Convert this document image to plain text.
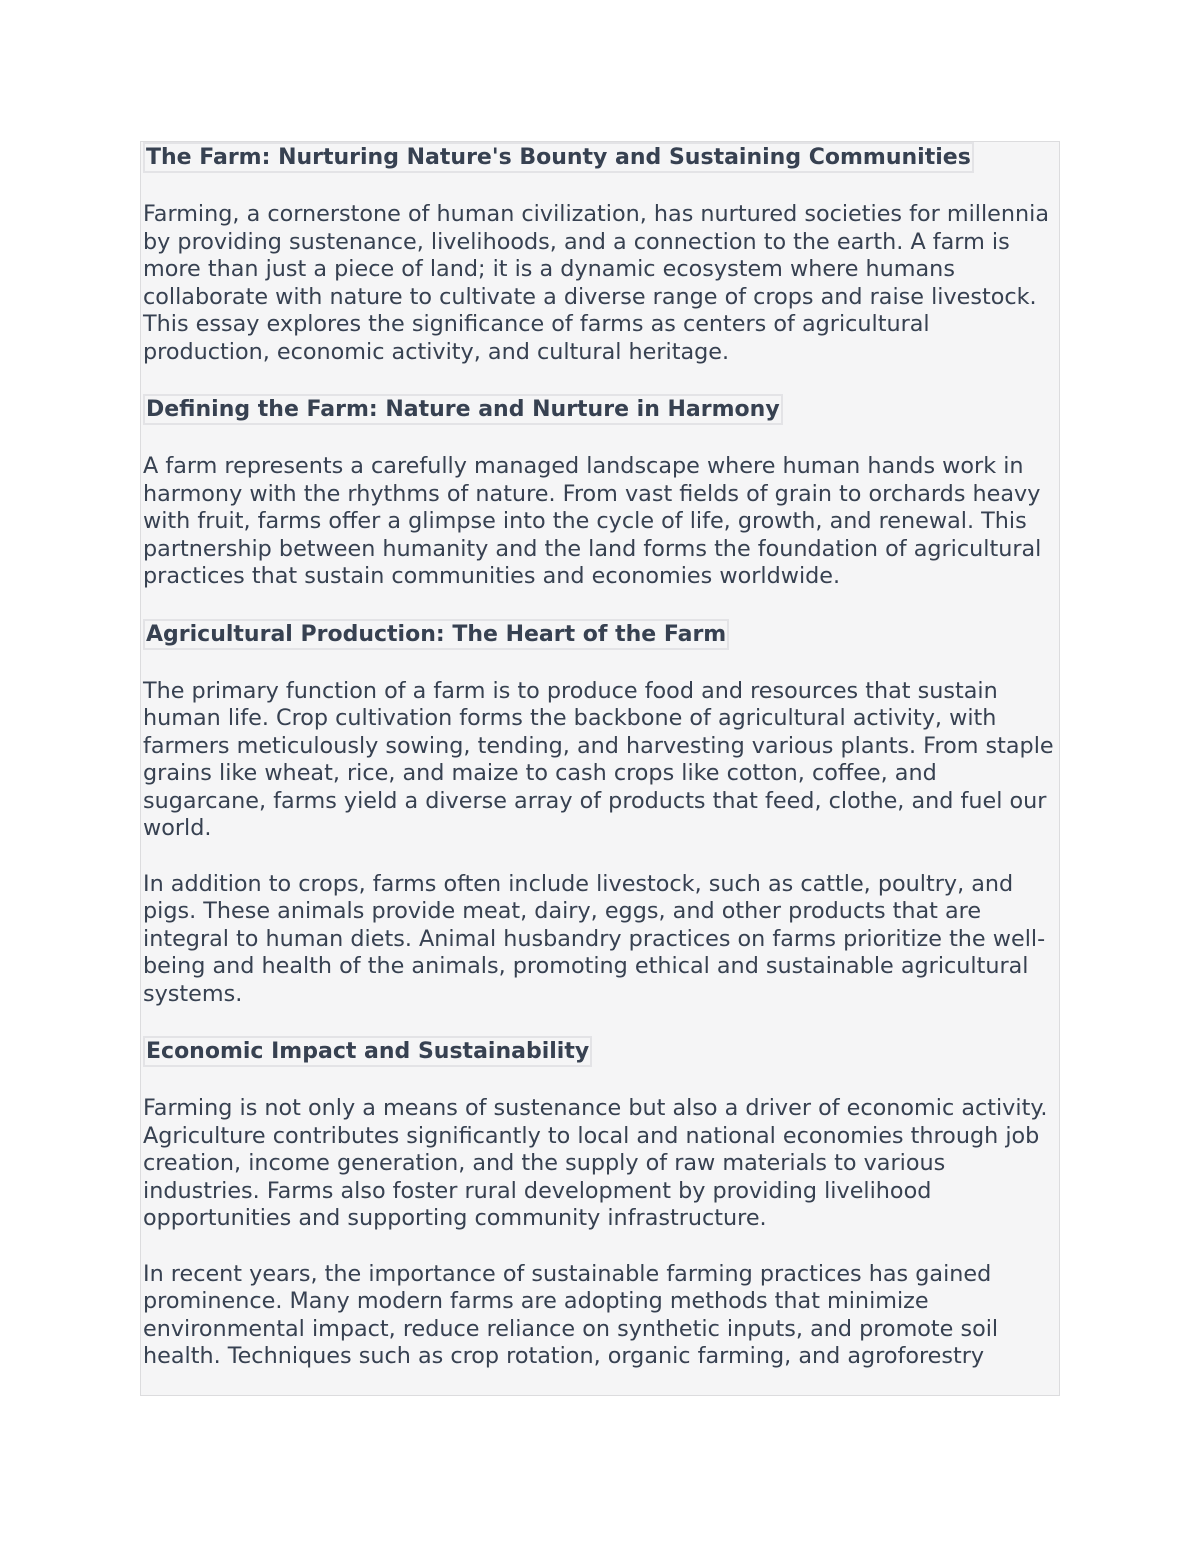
The Farm: Nurturing Nature's Bounty and Sustaining Communities

Farming, a cornerstone of human civilization, has nurtured societies for millennia by providing sustenance, livelihoods, and a connection to the earth. A farm is more than just a piece of land; it is a dynamic ecosystem where humans collaborate with nature to cultivate a diverse range of crops and raise livestock. This essay explores the significance of farms as centers of agricultural production, economic activity, and cultural heritage.

Defining the Farm: Nature and Nurture in Harmony

A farm represents a carefully managed landscape where human hands work in harmony with the rhythms of nature. From vast fields of grain to orchards heavy with fruit, farms offer a glimpse into the cycle of life, growth, and renewal. This partnership between humanity and the land forms the foundation of agricultural practices that sustain communities and economies worldwide.

Agricultural Production: The Heart of the Farm

The primary function of a farm is to produce food and resources that sustain human life. Crop cultivation forms the backbone of agricultural activity, with farmers meticulously sowing, tending, and harvesting various plants. From staple grains like wheat, rice, and maize to cash crops like cotton, coffee, and sugarcane, farms yield a diverse array of products that feed, clothe, and fuel our world.

In addition to crops, farms often include livestock, such as cattle, poultry, and pigs. These animals provide meat, dairy, eggs, and other products that are integral to human diets. Animal husbandry practices on farms prioritize the well-being and health of the animals, promoting ethical and sustainable agricultural systems.

Economic Impact and Sustainability

Farming is not only a means of sustenance but also a driver of economic activity. Agriculture contributes significantly to local and national economies through job creation, income generation, and the supply of raw materials to various industries. Farms also foster rural development by providing livelihood opportunities and supporting community infrastructure.

In recent years, the importance of sustainable farming practices has gained prominence. Many modern farms are adopting methods that minimize environmental impact, reduce reliance on synthetic inputs, and promote soil health. Techniques such as crop rotation, organic farming, and agroforestry
